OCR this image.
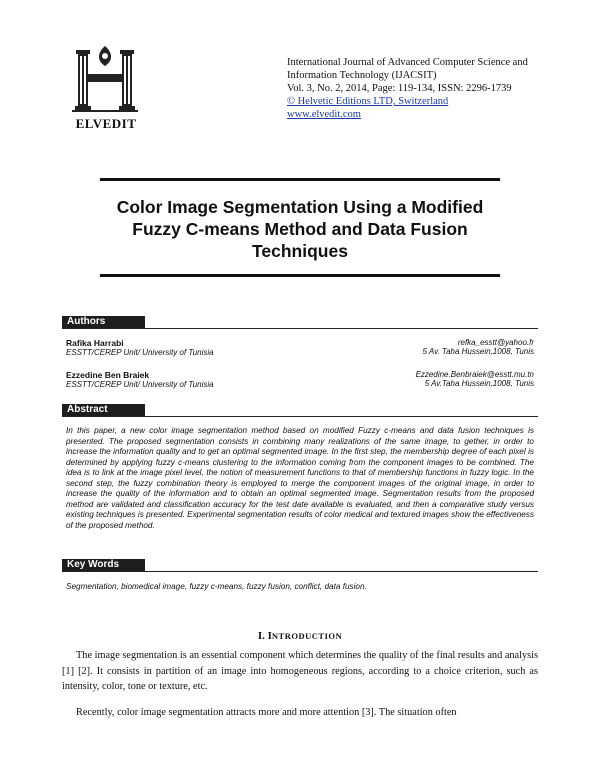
ELVEDIT
International Journal of Advanced Computer Science and
Information Technology (IJACSIT)
Vol. 3, No. 2, 2014, Page: 119-134, ISSN: 2296-1739
© Helvetic Editions LTD, Switzerland
www.elvedit.com
Color Image Segmentation Using a Modified
Fuzzy C-means Method and Data Fusion
Techniques
Authors
Rafika Harrabi
ESSTT/CEREP Unit/ University of Tunisia
refka_esstt@yahoo.fr
5 Av. Taha Hussein,1008, Tunis
Ezzedine Ben Braiek
ESSTT/CEREP Unit/ University of Tunisia
Ezzedine.Benbraiek@esstt.mu.tn
5 Av.Taha Hussein,1008, Tunis
Abstract
In this paper, a new color image segmentation method based on modified Fuzzy c-means and data fusion techniques is presented. The proposed segmentation consists in combining many realizations of the same image, to gether, in order to increase the information quality and to get an optimal segmented image. In the first step, the membership degree of each pixel is determined by applying fuzzy c-means clustering to the information coming from the component images to be combined. The idea is to link at the image pixel level, the notion of measurement functions to that of membership functions in fuzzy logic. In the second step, the fuzzy combination theory is employed to merge the component images of the original image, in order to increase the quality of the information and to obtain an optimal segmented image. Segmentation results from the proposed method are validated and classification accuracy for the test date available is evaluated, and then a comparative study versus existing techniques is presented. Experimental segmentation results of color medical and textured images show the effectiveness of the proposed method.
Key Words
Segmentation, biomedical image, fuzzy c-means, fuzzy fusion, conflict, data fusion.
I. INTRODUCTION
The image segmentation is an essential component which determines the quality of the final results and analysis [1] [2]. It consists in partition of an image into homogeneous regions, according to a choice criterion, such as intensity, color, tone or texture, etc.
Recently, color image segmentation attracts more and more attention [3]. The situation often
